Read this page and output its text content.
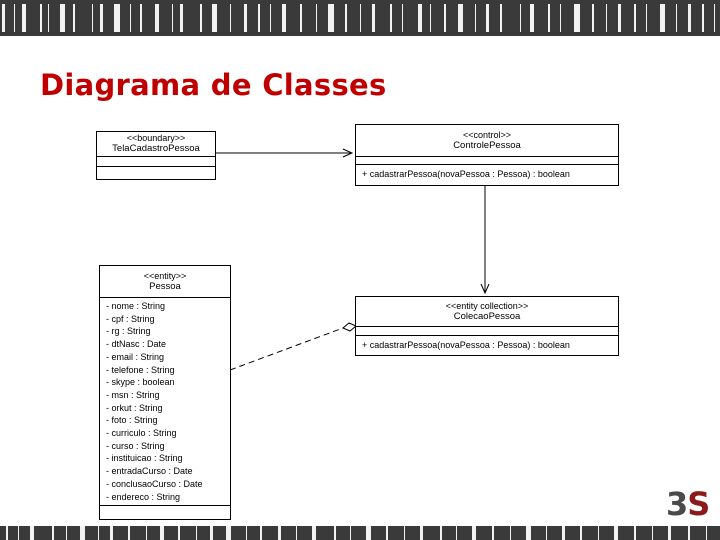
Diagrama de Classes
<<boundary>>
TelaCadastroPessoa
<<control>>
ControlePessoa
+ cadastrarPessoa(novaPessoa : Pessoa) : boolean
<<entity>>
Pessoa
- nome : String
- cpf : String
- rg : String
- dtNasc : Date
- email : String
- telefone : String
- skype : boolean
- msn : String
- orkut : String
- foto : String
- curriculo : String
- curso : String
- instituicao : String
- entradaCurso : Date
- conclusaoCurso : Date
- endereco : String
<<entity collection>>
ColecaoPessoa
+ cadastrarPessoa(novaPessoa : Pessoa) : boolean
3S
